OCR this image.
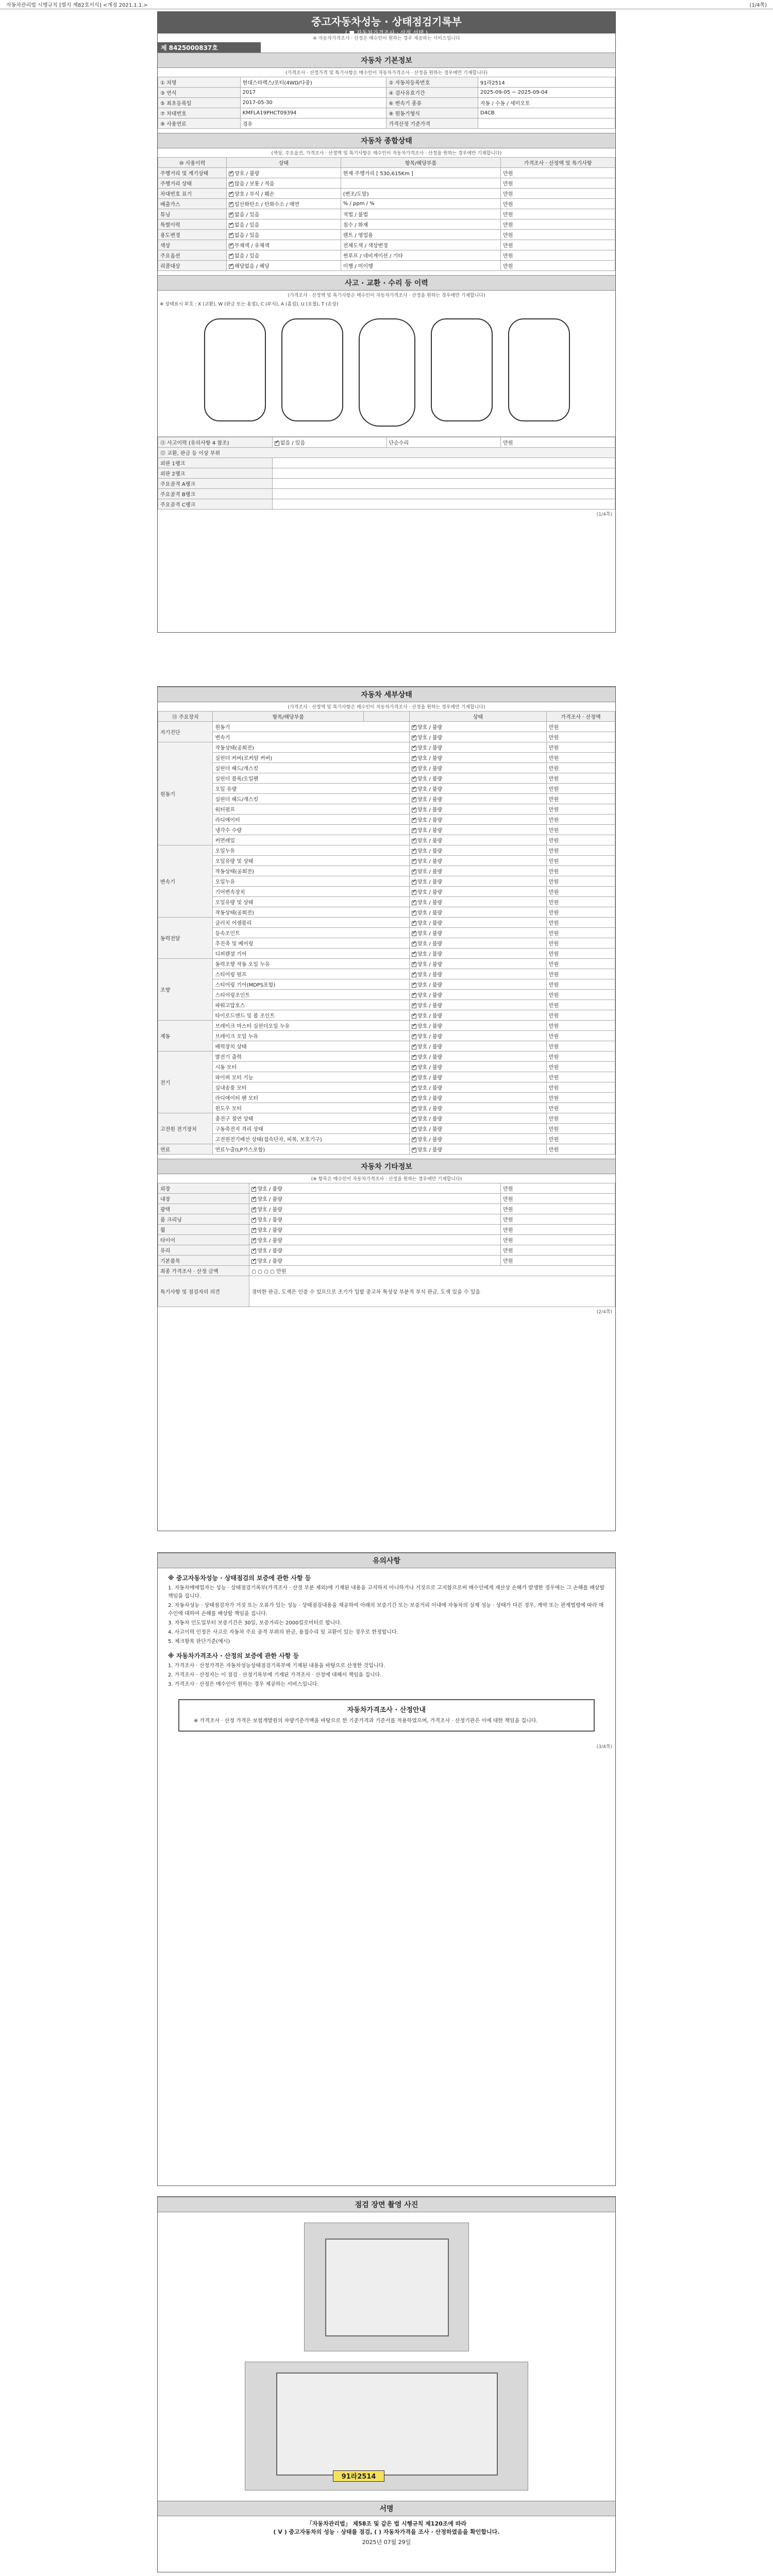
자동차관리법 시행규칙 [별지 제82호서식] <개정 2021.1.1.>	(1/4쪽)
중고자동차성능 · 상태점검기록부
( ■ 자동차가격조사 · 산정 선택 )
※ 자동차가격조사 · 산정은 매수인이 원하는 경우 제공하는 서비스입니다
제 8425000837호
자동차 기본정보
(가격조사 · 산정가격 및 특기사항은 매수인이 자동차가격조사 · 산정을 원하는 경우에만 기재합니다)
① 차명	현대스타렉스/포터(4WD/다중)	② 자동차등록번호	91라2514
③ 연식	2017	④ 검사유효기간	2025-09-05 ~ 2025-09-04
⑤ 최초등록일	2017-05-30	⑥ 변속기 종류	자동 / 수동 / 세미오토
⑦ 차대번호	KMFLA19PHCT09394	⑧ 원동기형식	D4CB
⑨ 사용연료	경유	가격산정 기준가격	
자동차 종합상태
(색상, 주요옵션, 가격조사 · 산정액 및 특기사항은 매수인이 자동차가격조사 · 산정을 원하는 경우에만 기재합니다)
⑩ 사용이력	상태	항목/해당부품	가격조사 · 산정액 및 특기사항
주행거리 및 계기상태	✓양호 / 불량	현재 주행거리 [ 530,615Km ]	만원
주행거리 상태	✓많음 / 보통 / 적음		만원
차대번호 표기	✓양호 / 부식 / 훼손	(변조/도말)	만원
배출가스	✓일산화탄소 / 탄화수소 / 매연	% / ppm / %	만원
튜닝	✓없음 / 있음	적법 / 불법	만원
특별이력	✓없음 / 있음	침수 / 화재	만원
용도변경	✓없음 / 있음	렌트 / 영업용	만원
색상	✓무채색 / 유채색	전체도색 / 색상변경	만원
주요옵션	✓없음 / 있음	썬루프 / 네비게이션 / 기타	만원
리콜대상	✓해당없음 / 해당	이행 / 미이행	만원
사고 · 교환 · 수리 등 이력
(가격조사 · 산정액 및 특기사항은 매수인이 자동차가격조사 · 산정을 원하는 경우에만 기재합니다)
※ 상태표시 부호 : X (교환), W (판금 또는 용접), C (부식), A (흠집), U (요철), T (손상)
⑪ 사고이력 (유의사항 4 참조)	✓없음 / 있음	단순수리	만원
⑫ 교환, 판금 등 이상 부위			
외판 1랭크			
외판 2랭크			
주요골격 A랭크			
주요골격 B랭크			
주요골격 C랭크			
(1/4쪽)
자동차 세부상태
(가격조사 · 산정액 및 특기사항은 매수인이 자동차가격조사 · 산정을 원하는 경우에만 기재합니다)
⑬ 주요장치	항목/해당부품		상태	가격조사 · 산정액
자기진단	원동기	✓양호 / 불량	만원
	변속기	✓양호 / 불량	만원
원동기	작동상태(공회전)	✓양호 / 불량	만원
	실린더 커버(로커암 커버)	✓양호 / 불량	만원
	실린더 헤드/개스킷	✓양호 / 불량	만원
	실린더 블록/오일팬	✓양호 / 불량	만원
	오일 유량	✓양호 / 불량	만원
	실린더 헤드/개스킷	✓양호 / 불량	만원
	워터펌프	✓양호 / 불량	만원
	라디에이터	✓양호 / 불량	만원
	냉각수 수량	✓양호 / 불량	만원
	커먼레일	✓양호 / 불량	만원
변속기	오일누유	✓양호 / 불량	만원
	오일유량 및 상태	✓양호 / 불량	만원
	작동상태(공회전)	✓양호 / 불량	만원
	오일누유	✓양호 / 불량	만원
	기어변속장치	✓양호 / 불량	만원
	오일유량 및 상태	✓양호 / 불량	만원
	작동상태(공회전)	✓양호 / 불량	만원
동력전달	클러치 어셈블리	✓양호 / 불량	만원
	등속조인트	✓양호 / 불량	만원
	추진축 및 베어링	✓양호 / 불량	만원
	디퍼렌셜 기어	✓양호 / 불량	만원
조향	동력조향 작동 오일 누유	✓양호 / 불량	만원
	스티어링 펌프	✓양호 / 불량	만원
	스티어링 기어(MDPS포함)	✓양호 / 불량	만원
	스티어링조인트	✓양호 / 불량	만원
	파워고압호스	✓양호 / 불량	만원
	타이로드엔드 및 볼 조인트	✓양호 / 불량	만원
제동	브레이크 마스터 실린더오일 누유	✓양호 / 불량	만원
	브레이크 오일 누유	✓양호 / 불량	만원
	배력장치 상태	✓양호 / 불량	만원
전기	발전기 출력	✓양호 / 불량	만원
	시동 모터	✓양호 / 불량	만원
	와이퍼 모터 기능	✓양호 / 불량	만원
	실내송풍 모터	✓양호 / 불량	만원
	라디에이터 팬 모터	✓양호 / 불량	만원
	윈도우 모터	✓양호 / 불량	만원
고전원 전기장치	충전구 절연 상태	✓양호 / 불량	만원
	구동축전지 격리 상태	✓양호 / 불량	만원
	고전원전기배선 상태(접속단자, 피복, 보호기구)	✓양호 / 불량	만원
연료	연료누출(LP가스포함)	✓양호 / 불량	만원
자동차 기타정보
(※ 항목은 매수인이 자동차가격조사 · 산정을 원하는 경우에만 기재합니다)
외장	✓양호 / 불량	만원
내장	✓양호 / 불량	만원
광택	✓양호 / 불량	만원
룸 크리닝	✓양호 / 불량	만원
휠	✓양호 / 불량	만원
타이어	✓양호 / 불량	만원
유리	✓양호 / 불량	만원
기본품목	✓양호 / 불량	만원
최종 가격조사 · 산정 금액	○ ○ ○ ○ 만원	
특기사항 및 점검자의 의견	경미한 판금, 도색은 인증 수 있으므로 조기가 입할 중고차 특성상 부분적 부식 판금, 도색 있을 수 있음	
(2/4쪽)
유의사항
※ 중고자동차성능 · 상태점검의 보증에 관한 사항 등

1. 자동차매매업자는 성능 · 상태점검기록부(가격조사 · 산정 부분 제외)에 기재된 내용을 고지하지 아니하거나 거짓으로 고지함으로써 매수인에게 재산상 손해가 발생한 경우에는 그 손해를 배상할 책임을 집니다.

2. 자동차성능 · 상태점검자가 거짓 또는 오류가 있는 성능 · 상태점검내용을 제공하여 아래의 보증기간 또는 보증거리 이내에 자동차의 실제 성능 · 상태가 다른 경우, 계약 또는 관계법령에 따라 매수인에 대하여 손해를 배상할 책임을 집니다.

3. 자동차 인도일부터 보증기간은 30일, 보증거리는 2000킬로미터로 합니다.

4. 사고이력 인정은 사고로 자동차 주요 골격 부위의 판금, 용접수리 및 교환이 있는 경우로 한정합니다.

5. 체크항목 판단기준(예시)

※ 자동차가격조사 · 산정의 보증에 관한 사항 등

1. 가격조사 · 산정가격은 자동차성능상태점검기록부에 기재된 내용을 바탕으로 산정한 것입니다.

2. 가격조사 · 산정자는 이 점검 · 산정기록부에 기재된 가격조사 · 산정에 대해서 책임을 집니다.

3. 가격조사 · 산정은 매수인이 원하는 경우 제공하는 서비스입니다.

자동차가격조사 · 산정안내

※ 가격조사 · 산정 가격은 보험개발원의 차량기준가액을 바탕으로 한 기준가격과 기준서를 적용하였으며, 가격조사 · 산정기관은 이에 대한 책임을 집니다.

(3/4쪽)
점검 장면 촬영 사진
91라2514
서명
「자동차관리법」 제58조 및 같은 법 시행규칙 제120조에 따라
( V ) 중고자동차의 성능 · 상태를 점검, ( ) 자동차가격을 조사 · 산정하였음을 확인합니다.
2025년 07월 29일
